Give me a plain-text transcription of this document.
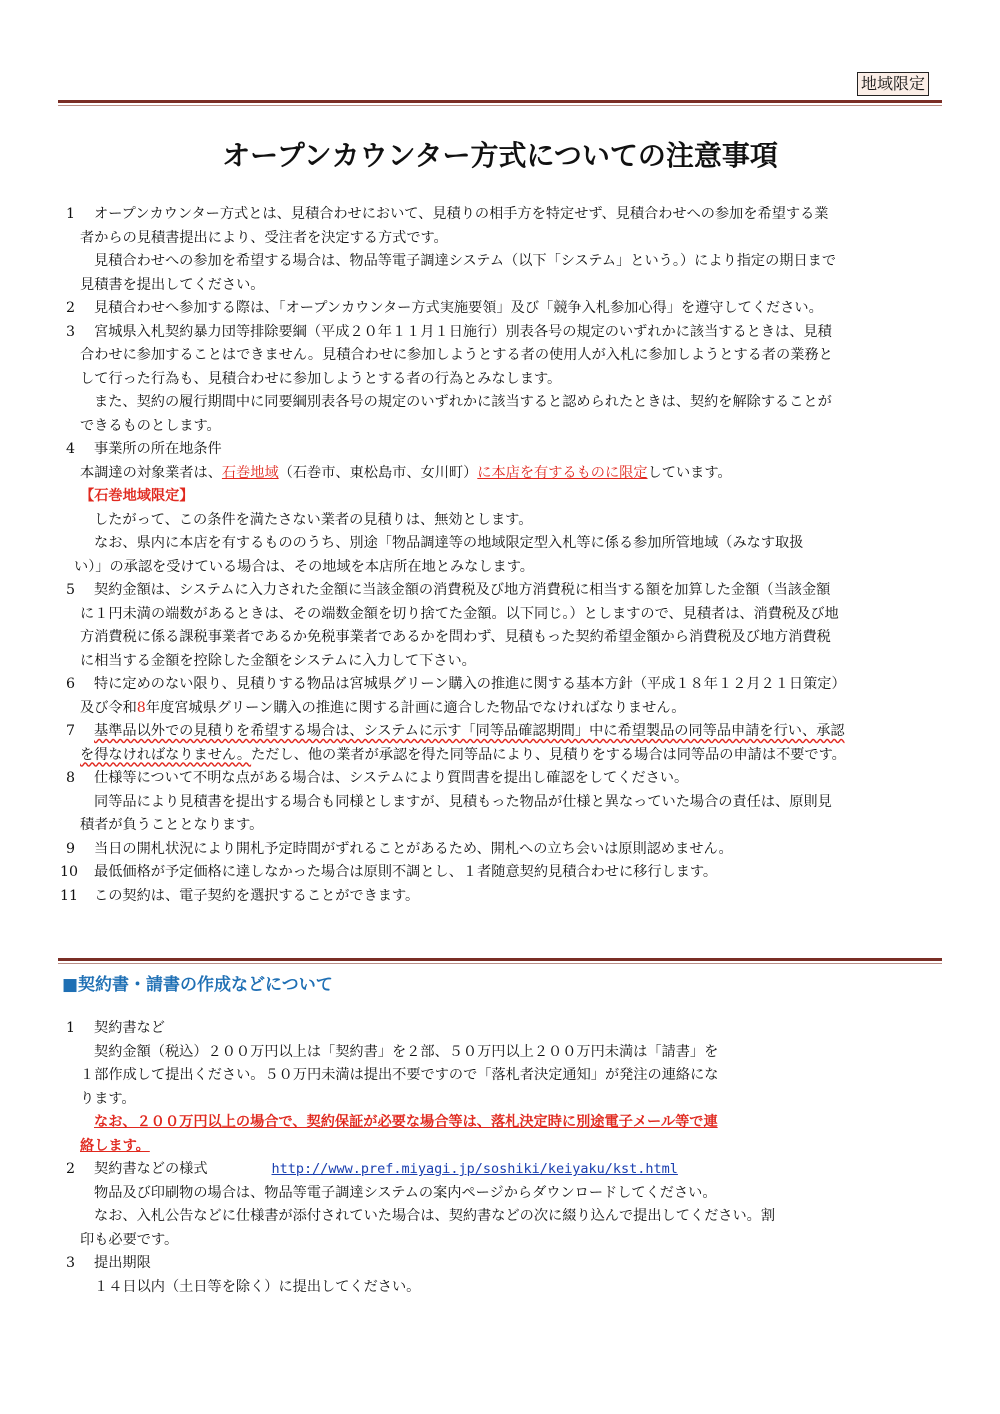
地域限定
オープンカウンター方式についての注意事項
1	オープンカウンター方式とは、見積合わせにおいて、見積りの相手方を特定せず、見積合わせへの参加を希望する業
者からの見積書提出により、受注者を決定する方式です。
見積合わせへの参加を希望する場合は、物品等電子調達システム（以下「システム」という。）により指定の期日まで
見積書を提出してください。
2	見積合わせへ参加する際は、「オープンカウンター方式実施要領」及び「競争入札参加心得」を遵守してください。
3	宮城県入札契約暴力団等排除要綱（平成２０年１１月１日施行）別表各号の規定のいずれかに該当するときは、見積
合わせに参加することはできません。見積合わせに参加しようとする者の使用人が入札に参加しようとする者の業務と
して行った行為も、見積合わせに参加しようとする者の行為とみなします。
また、契約の履行期間中に同要綱別表各号の規定のいずれかに該当すると認められたときは、契約を解除することが
できるものとします。
4	事業所の所在地条件
本調達の対象業者は、石巻地域（石巻市、東松島市、女川町）に本店を有するものに限定しています。
【石巻地域限定】
したがって、この条件を満たさない業者の見積りは、無効とします。
なお、県内に本店を有するもののうち、別途「物品調達等の地域限定型入札等に係る参加所管地域（みなす取扱
い）」の承認を受けている場合は、その地域を本店所在地とみなします。
5	契約金額は、システムに入力された金額に当該金額の消費税及び地方消費税に相当する額を加算した金額（当該金額
に１円未満の端数があるときは、その端数金額を切り捨てた金額。以下同じ。）としますので、見積者は、消費税及び地
方消費税に係る課税事業者であるか免税事業者であるかを問わず、見積もった契約希望金額から消費税及び地方消費税
に相当する金額を控除した金額をシステムに入力して下さい。
6	特に定めのない限り、見積りする物品は宮城県グリーン購入の推進に関する基本方針（平成１８年１２月２１日策定）
及び令和8年度宮城県グリーン購入の推進に関する計画に適合した物品でなければなりません。
7	基準品以外での見積りを希望する場合は、システムに示す「同等品確認期間」中に希望製品の同等品申請を行い、承認
を得なければなりません。ただし、他の業者が承認を得た同等品により、見積りをする場合は同等品の申請は不要です。
8	仕様等について不明な点がある場合は、システムにより質問書を提出し確認をしてください。
同等品により見積書を提出する場合も同様としますが、見積もった物品が仕様と異なっていた場合の責任は、原則見
積者が負うこととなります。
9	当日の開札状況により開札予定時間がずれることがあるため、開札への立ち会いは原則認めません。
10	最低価格が予定価格に達しなかった場合は原則不調とし、１者随意契約見積合わせに移行します。
11	この契約は、電子契約を選択することができます。
■契約書・請書の作成などについて
1	契約書など
契約金額（税込）２００万円以上は「契約書」を２部、５０万円以上２００万円未満は「請書」を
１部作成して提出ください。５０万円未満は提出不要ですので「落札者決定通知」が発注の連絡にな
ります。
なお、２００万円以上の場合で、契約保証が必要な場合等は、落札決定時に別途電子メール等で連
絡します。
2	契約書などの様式	http://www.pref.miyagi.jp/soshiki/keiyaku/kst.html
物品及び印刷物の場合は、物品等電子調達システムの案内ページからダウンロードしてください。
なお、入札公告などに仕様書が添付されていた場合は、契約書などの次に綴り込んで提出してください。割
印も必要です。
3	提出期限
１４日以内（土日等を除く）に提出してください。
